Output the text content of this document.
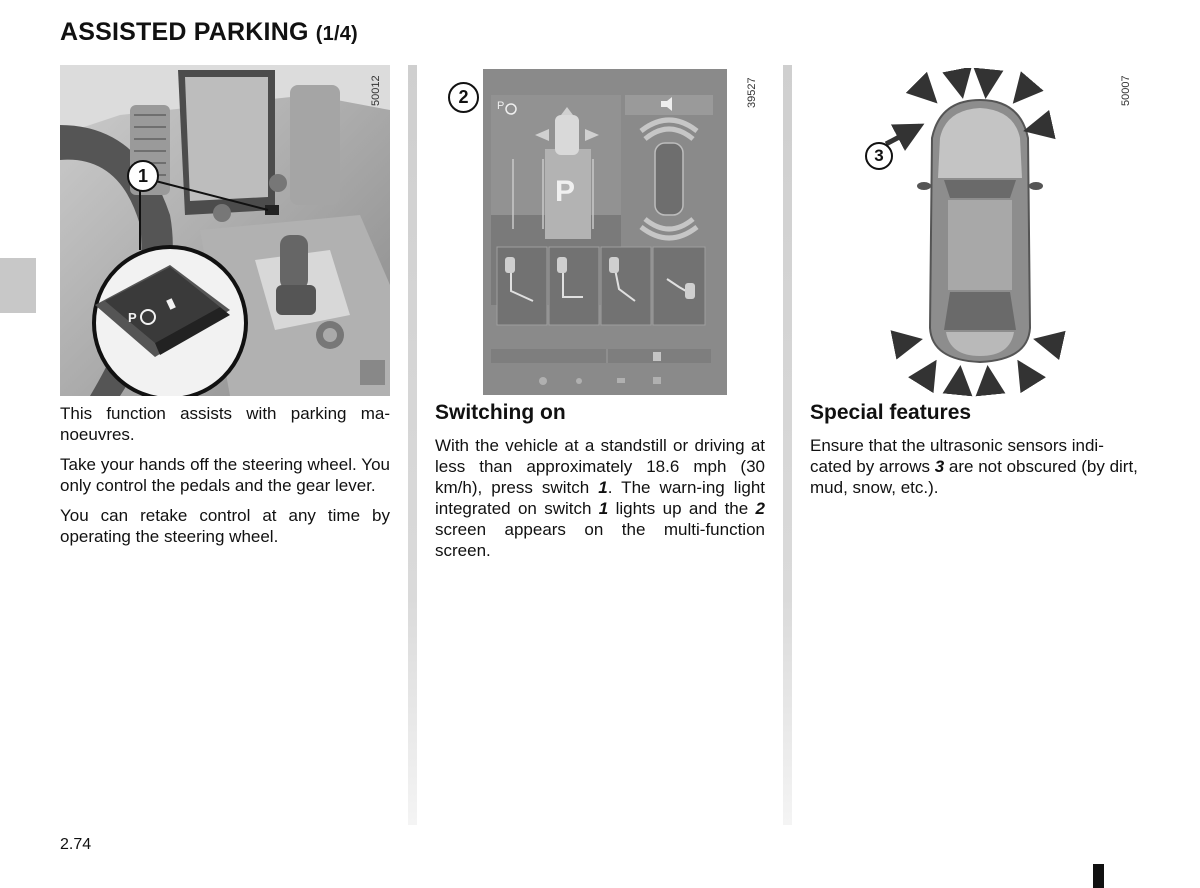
ASSISTED PARKING (1/4)
P
1
50012

This function assists with parking ma-noeuvres.

Take your hands off the steering wheel. You only control the pedals and the gear lever.

You can retake control at any time by operating the steering wheel.

P
P
2	39527
Switching on

With the vehicle at a standstill or driving at less than approximately 18.6 mph (30 km/h), press switch 1. The warn-ing light integrated on switch 1 lights up and the 2 screen appears on the multi-function screen.

3
50007
Special features

Ensure that the ultrasonic sensors indi-cated by arrows 3 are not obscured (by dirt, mud, snow, etc.).

2.74
